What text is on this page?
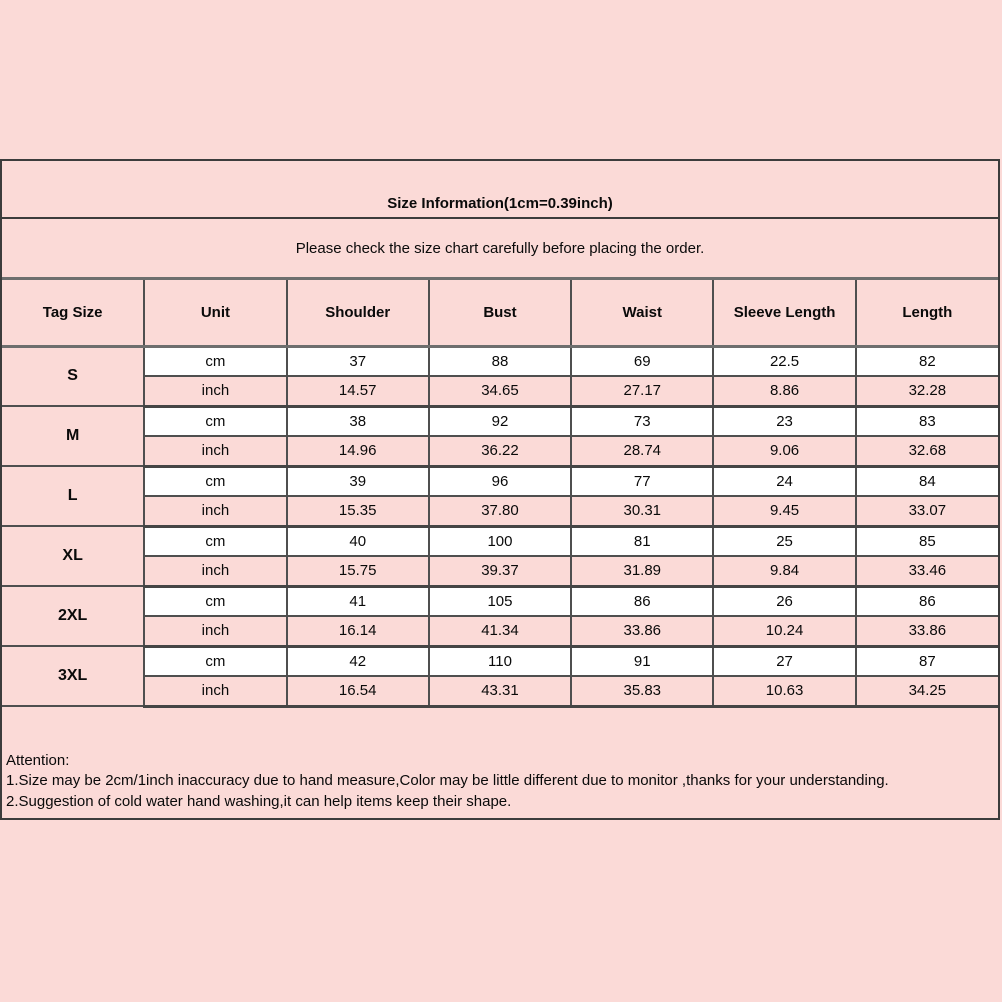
Size Information(1cm=0.39inch)
Please check the size chart carefully before placing the order.
Tag Size	Unit	Shoulder	Bust	Waist	Sleeve Length	Length
S	cm	37	88	69	22.5	82
	inch	14.57	34.65	27.17	8.86	32.28
M	cm	38	92	73	23	83
	inch	14.96	36.22	28.74	9.06	32.68
L	cm	39	96	77	24	84
	inch	15.35	37.80	30.31	9.45	33.07
XL	cm	40	100	81	25	85
	inch	15.75	39.37	31.89	9.84	33.46
2XL	cm	41	105	86	26	86
	inch	16.14	41.34	33.86	10.24	33.86
3XL	cm	42	110	91	27	87
	inch	16.54	43.31	35.83	10.63	34.25
Attention:
1.Size may be 2cm/1inch inaccuracy due to hand measure,Color may be little different due to monitor ,thanks for your understanding.
2.Suggestion of cold water hand washing,it can help items keep their shape.
